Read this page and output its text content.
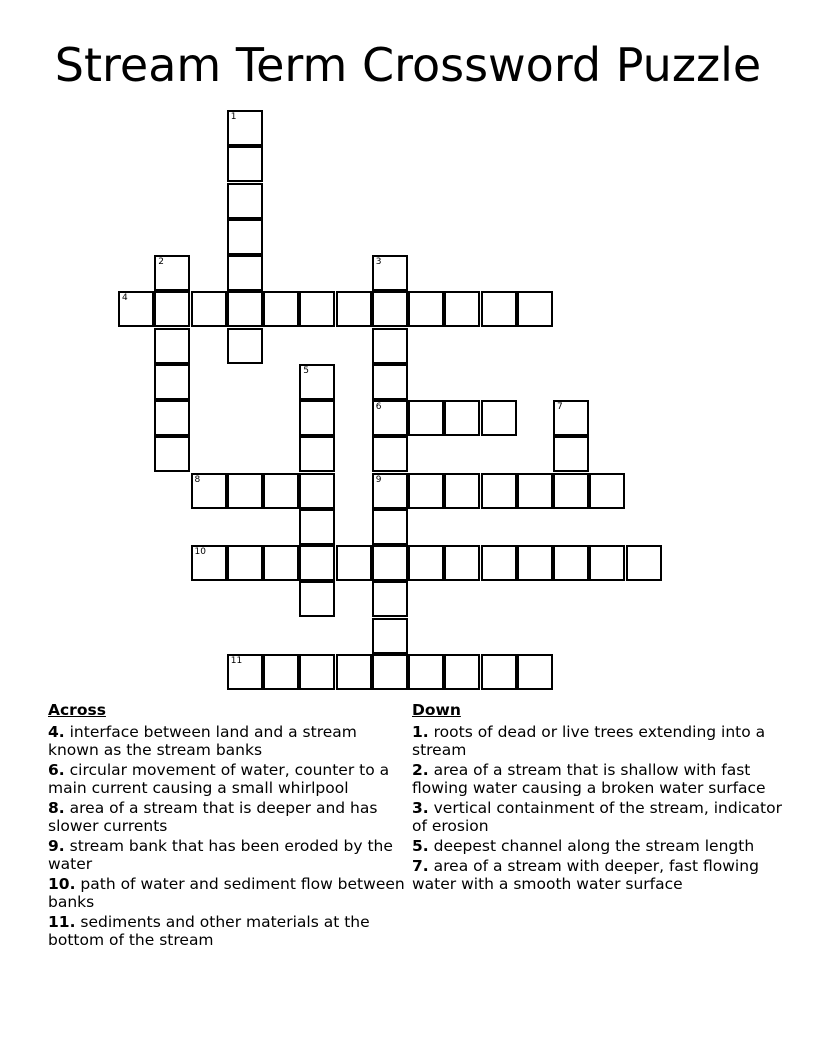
Stream Term Crossword Puzzle
1
2	3
6
9
4
5
7
8
10
11
Across
4. interface between land and a stream known as the stream banks
6. circular movement of water, counter to a main current causing a small whirlpool
8. area of a stream that is deeper and has slower currents
9. stream bank that has been eroded by the water
10. path of water and sediment flow between banks
11. sediments and other materials at the bottom of the stream
Down
1. roots of dead or live trees extending into a stream
2. area of a stream that is shallow with fast flowing water causing a broken water surface
3. vertical containment of the stream, indicator of erosion
5. deepest channel along the stream length
7. area of a stream with deeper, fast flowing water with a smooth water surface
